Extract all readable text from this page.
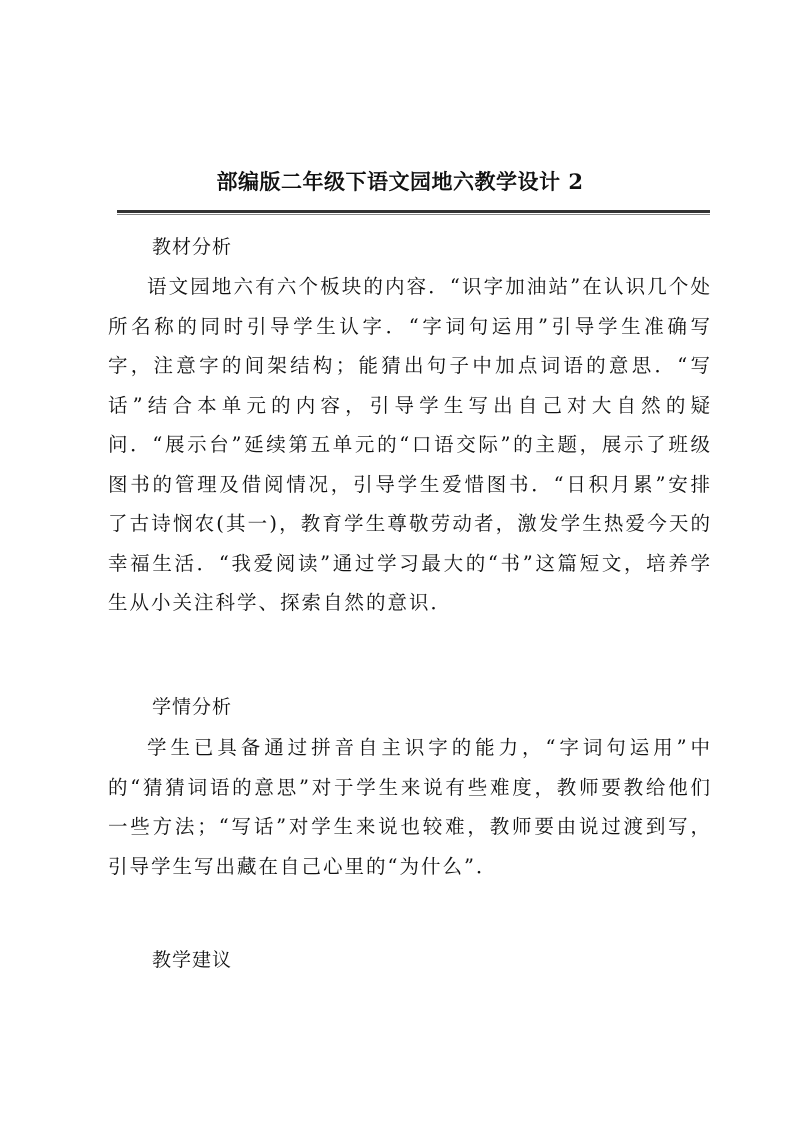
部编版二年级下语文园地六教学设计 2
教材分析

语文园地六有六个板块的内容．“识字加油站”在认识几个处所名称的同时引导学生认字．“字词句运用”引导学生准确写字，注意字的间架结构；能猜出句子中加点词语的意思．“写话”结合本单元的内容，引导学生写出自己对大自然的疑问．“展示台”延续第五单元的“口语交际”的主题，展示了班级图书的管理及借阅情况，引导学生爱惜图书．“日积月累”安排了古诗悯农(其一)，教育学生尊敬劳动者，激发学生热爱今天的幸福生活．“我爱阅读”通过学习最大的“书”这篇短文，培养学生从小关注科学、探索自然的意识．

学情分析

学生已具备通过拼音自主识字的能力，“字词句运用”中的“猜猜词语的意思”对于学生来说有些难度，教师要教给他们一些方法；“写话”对学生来说也较难，教师要由说过渡到写，引导学生写出藏在自己心里的“为什么”．

教学建议
